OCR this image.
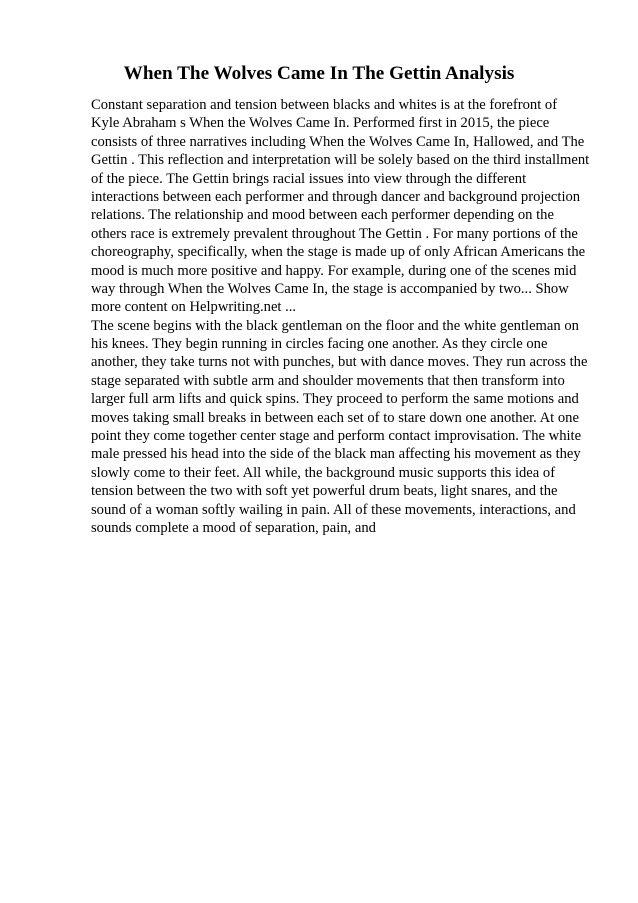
When The Wolves Came In The Gettin Analysis
Constant separation and tension between blacks and whites is at the forefront of
Kyle Abraham s When the Wolves Came In. Performed first in 2015, the piece
consists of three narratives including When the Wolves Came In, Hallowed, and The
Gettin . This reflection and interpretation will be solely based on the third installment
of the piece. The Gettin brings racial issues into view through the different
interactions between each performer and through dancer and background projection
relations. The relationship and mood between each performer depending on the
others race is extremely prevalent throughout The Gettin . For many portions of the
choreography, specifically, when the stage is made up of only African Americans the
mood is much more positive and happy. For example, during one of the scenes mid
way through When the Wolves Came In, the stage is accompanied by two... Show
more content on Helpwriting.net ...
The scene begins with the black gentleman on the floor and the white gentleman on
his knees. They begin running in circles facing one another. As they circle one
another, they take turns not with punches, but with dance moves. They run across the
stage separated with subtle arm and shoulder movements that then transform into
larger full arm lifts and quick spins. They proceed to perform the same motions and
moves taking small breaks in between each set of to stare down one another. At one
point they come together center stage and perform contact improvisation. The white
male pressed his head into the side of the black man affecting his movement as they
slowly come to their feet. All while, the background music supports this idea of
tension between the two with soft yet powerful drum beats, light snares, and the
sound of a woman softly wailing in pain. All of these movements, interactions, and
sounds complete a mood of separation, pain, and
